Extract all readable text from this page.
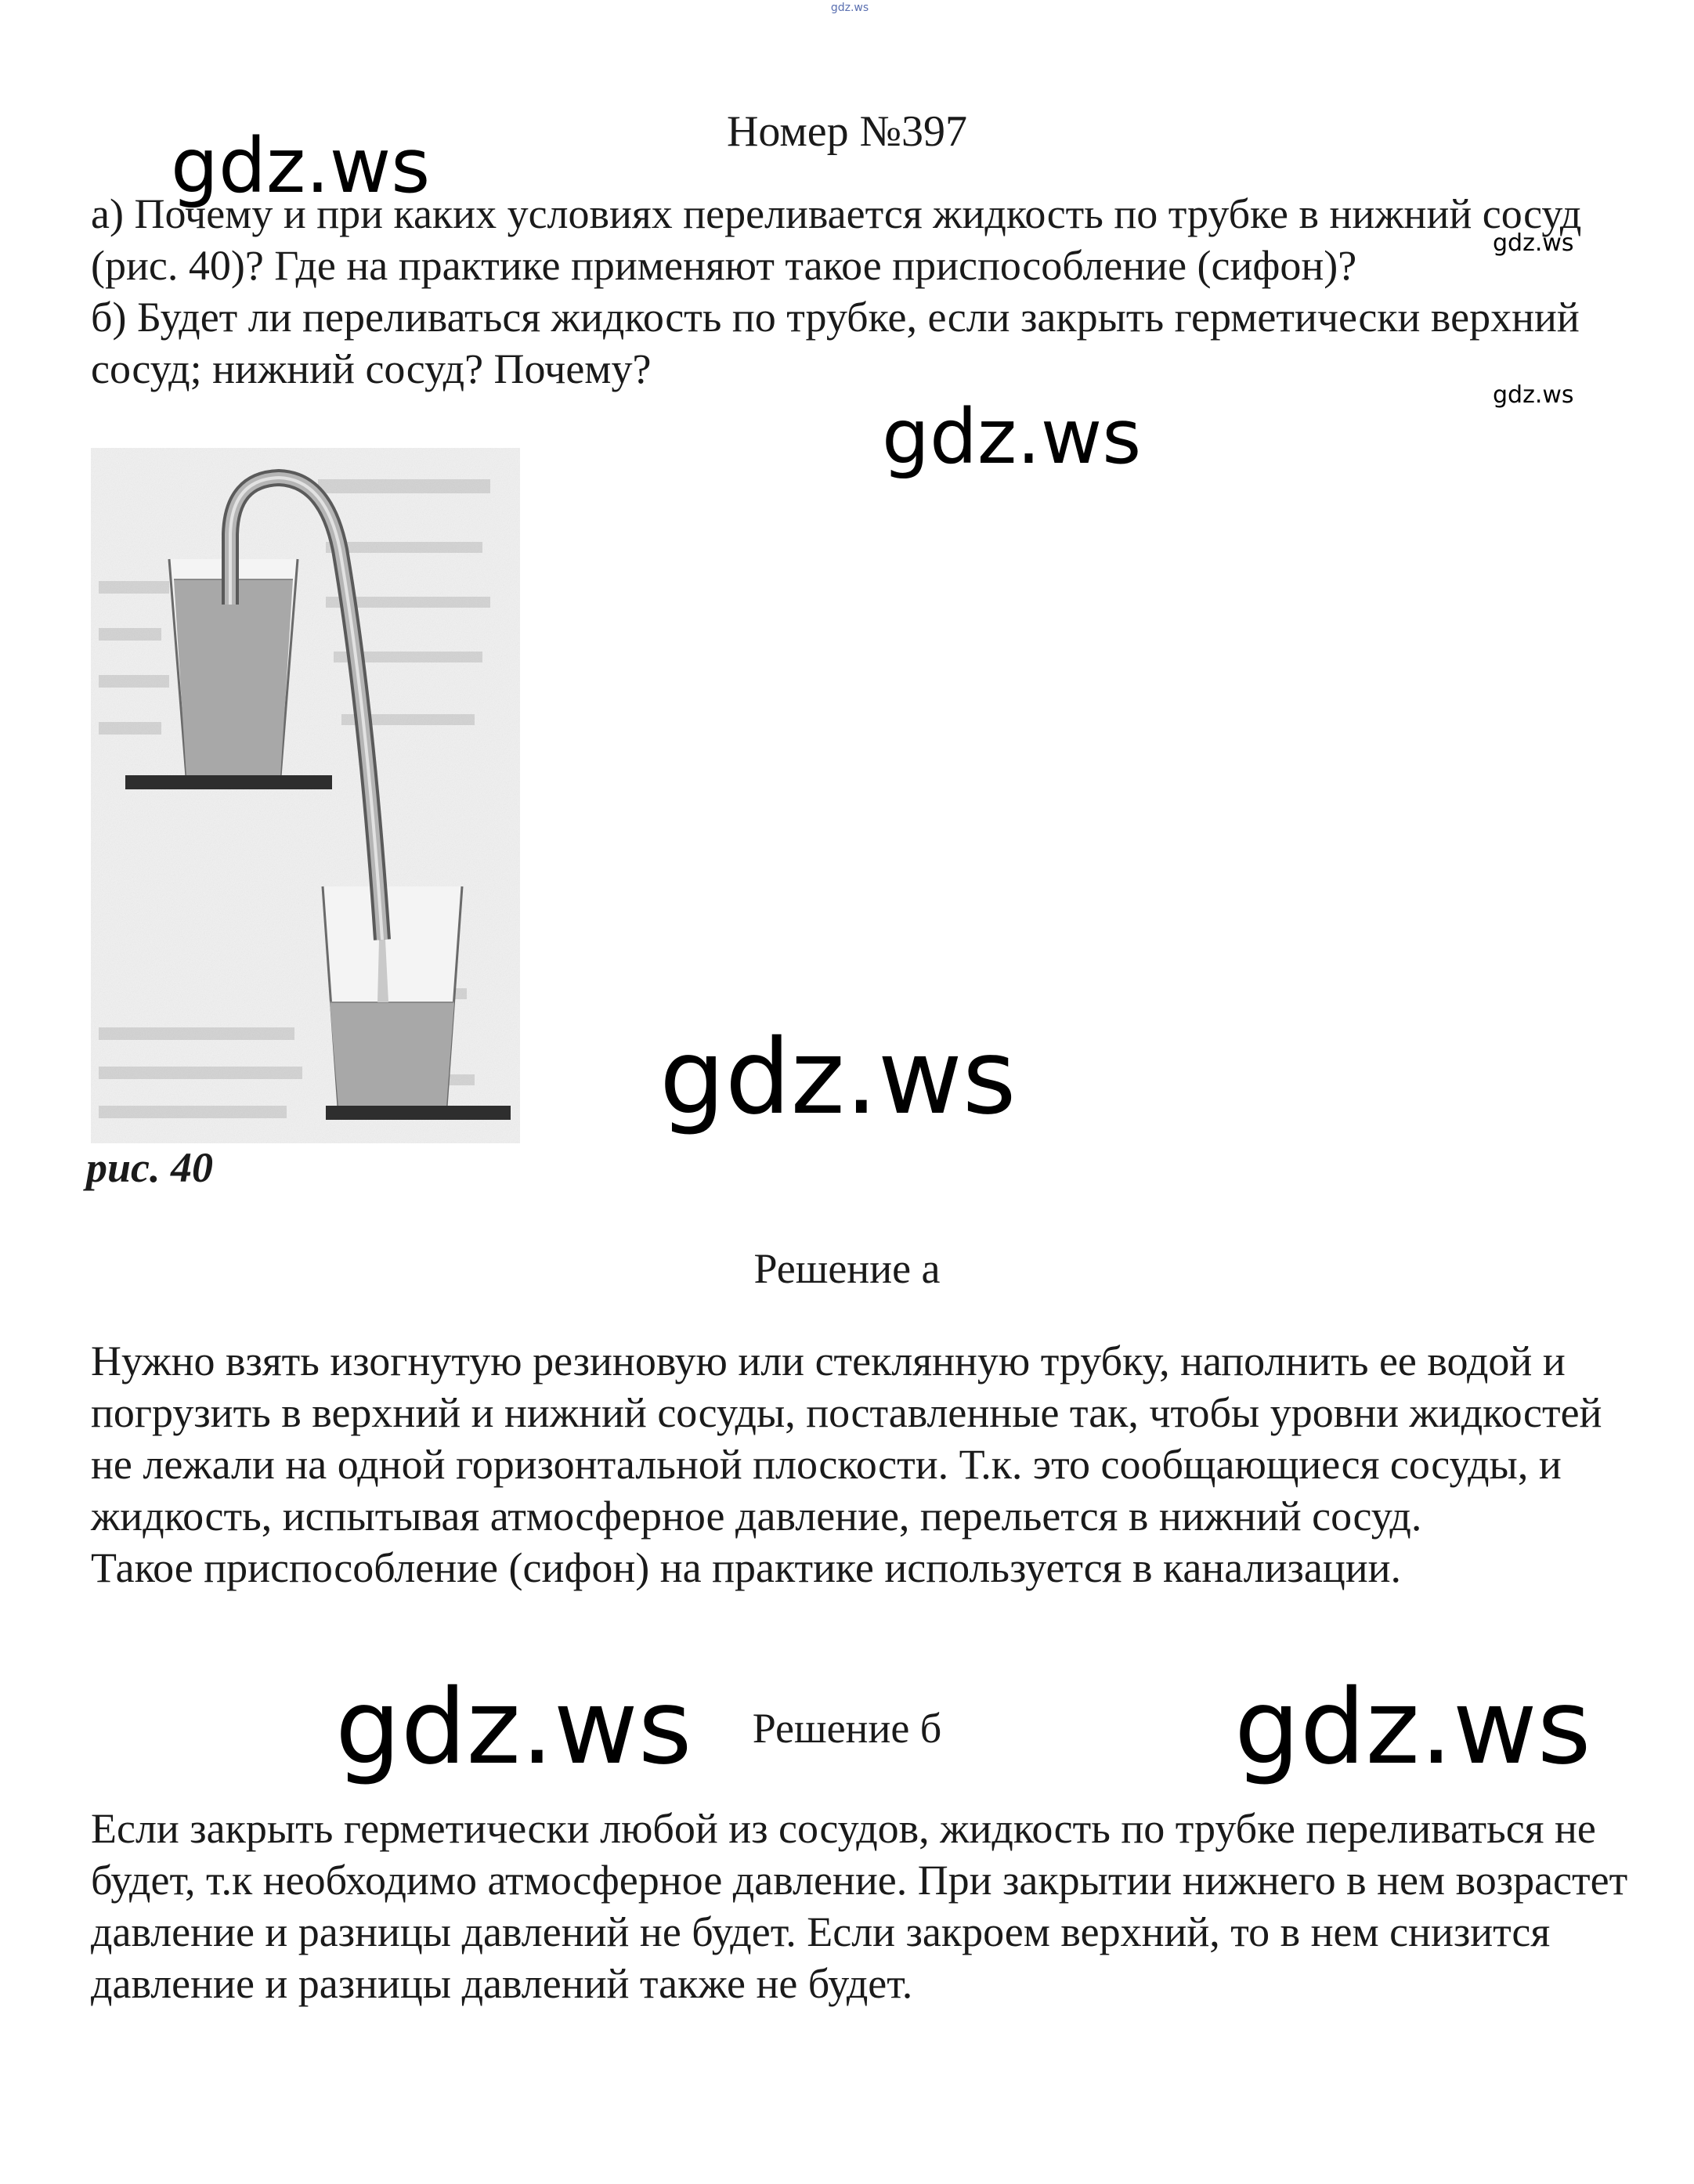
gdz.ws
Номер №397

а) Почему и при каких условиях переливается жидкость по трубке в нижний сосуд (рис. 40)? Где на практике применяют такое приспособление (сифон)?

б) Будет ли переливаться жидкость по трубке, если закрыть герметически верхний сосуд; нижний сосуд? Почему?

рис. 40
Решение а

Нужно взять изогнутую резиновую или стеклянную трубку, наполнить ее водой и погрузить в верхний и нижний сосуды, поставленные так, чтобы уровни жидкостей не лежали на одной горизонтальной плоскости. Т.к. это сообщающиеся сосуды, и жидкость, испытывая атмосферное давление, перельется в нижний сосуд.

Такое приспособление (сифон) на практике используется в канализации.

Решение б

Если закрыть герметически любой из сосудов, жидкость по трубке переливаться не будет, т.к необходимо атмосферное давление. При закрытии нижнего в нем возрастет давление и разницы давлений не будет. Если закроем верхний, то в нем снизится давление и разницы давлений также не будет.

gdz.ws
gdz.ws
gdz.ws
gdz.ws
gdz.ws
gdz.ws	gdz.ws
